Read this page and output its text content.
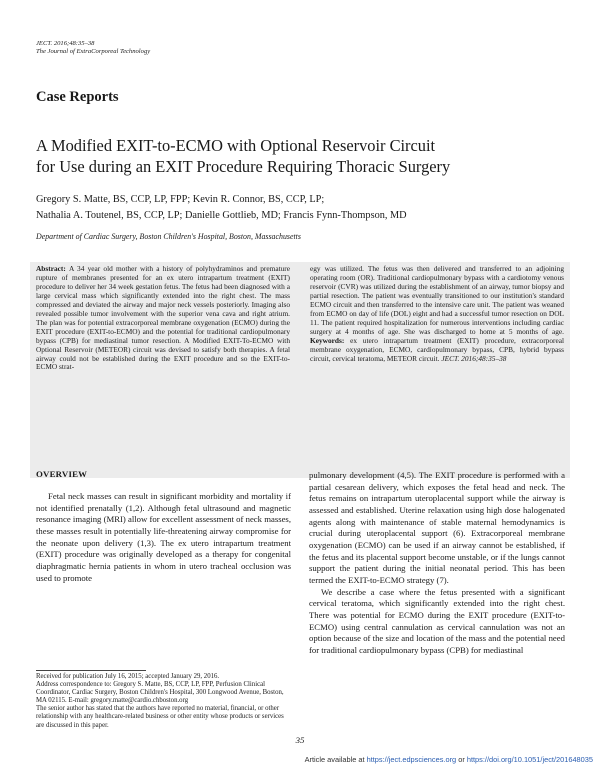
JECT. 2016;48:35–38
The Journal of ExtraCorporeal Technology
Case Reports
A Modified EXIT-to-ECMO with Optional Reservoir Circuit
for Use during an EXIT Procedure Requiring Thoracic Surgery
Gregory S. Matte, BS, CCP, LP, FPP; Kevin R. Connor, BS, CCP, LP;
Nathalia A. Toutenel, BS, CCP, LP; Danielle Gottlieb, MD; Francis Fynn-Thompson, MD
Department of Cardiac Surgery, Boston Children's Hospital, Boston, Massachusetts
Abstract: A 34 year old mother with a history of polyhydraminos and premature rupture of membranes presented for an ex utero intrapartum treatment (EXIT) procedure to deliver her 34 week gestation fetus. The fetus had been diagnosed with a large cervical mass which significantly extended into the right chest. The mass compressed and deviated the airway and major neck vessels posteriorly. Imaging also revealed possible tumor involvement with the superior vena cava and right atrium. The plan was for potential extracorporeal membrane oxygenation (ECMO) during the EXIT procedure (EXIT-to-ECMO) and the potential for traditional cardiopulmonary bypass (CPB) for mediastinal tumor resection. A Modified EXIT-To-ECMO with Optional Reservoir (METEOR) circuit was devised to satisfy both therapies. A fetal airway could not be established during the EXIT procedure and so the EXIT-to-ECMO strat-
egy was utilized. The fetus was then delivered and transferred to an adjoining operating room (OR). Traditional cardiopulmonary bypass with a cardiotomy venous reservoir (CVR) was utilized during the establishment of an airway, tumor biopsy and partial resection. The patient was eventually transitioned to our institution's standard ECMO circuit and then transferred to the intensive care unit. The patient was weaned from ECMO on day of life (DOL) eight and had a successful tumor resection on DOL 11. The patient required hospitalization for numerous interventions including cardiac surgery at 4 months of age. She was discharged to home at 5 months of age. Keywords: ex utero intrapartum treatment (EXIT) procedure, extracorporeal membrane oxygenation, ECMO, cardiopulmonary bypass, CPB, hybrid bypass circuit, cervical teratoma, METEOR circuit. JECT. 2016;48:35–38
OVERVIEW

Fetal neck masses can result in significant morbidity and mortality if not identified prenatally (1,2). Although fetal ultrasound and magnetic resonance imaging (MRI) allow for excellent assessment of neck masses, these masses result in potentially life-threatening airway compromise for the neonate upon delivery (1,3). The ex utero intrapartum treatment (EXIT) procedure was originally developed as a therapy for congenital diaphragmatic hernia patients in whom in utero tracheal occlusion was used to promote

pulmonary development (4,5). The EXIT procedure is performed with a partial cesarean delivery, which exposes the fetal head and neck. The fetus remains on intrapartum uteroplacental support while the airway is assessed and established. Uterine relaxation using high dose halogenated agents along with maintenance of stable maternal hemodynamics is crucial during uteroplacental support (6). Extracorporeal membrane oxygenation (ECMO) can be used if an airway cannot be established, if the fetus and its placental support become unstable, or if the lungs cannot support the patient during the initial neonatal period. This has been termed the EXIT-to-ECMO strategy (7).

We describe a case where the fetus presented with a significant cervical teratoma, which significantly extended into the right chest. There was potential for ECMO during the EXIT procedure (EXIT-to-ECMO) using central cannulation as cervical cannulation was not an option because of the size and location of the mass and the potential need for traditional cardiopulmonary bypass (CPB) for mediastinal

Received for publication July 16, 2015; accepted January 29, 2016.

Address correspondence to: Gregory S. Matte, BS, CCP, LP, FPP, Perfusion Clinical Coordinator, Cardiac Surgery, Boston Children's Hospital, 300 Longwood Avenue, Boston, MA 02115. E-mail: gregory.matte@cardio.chboston.org

The senior author has stated that the authors have reported no material, financial, or other relationship with any healthcare-related business or other entity whose products or services are discussed in this paper.

35
Article available at https://ject.edpsciences.org or https://doi.org/10.1051/ject/201648035
